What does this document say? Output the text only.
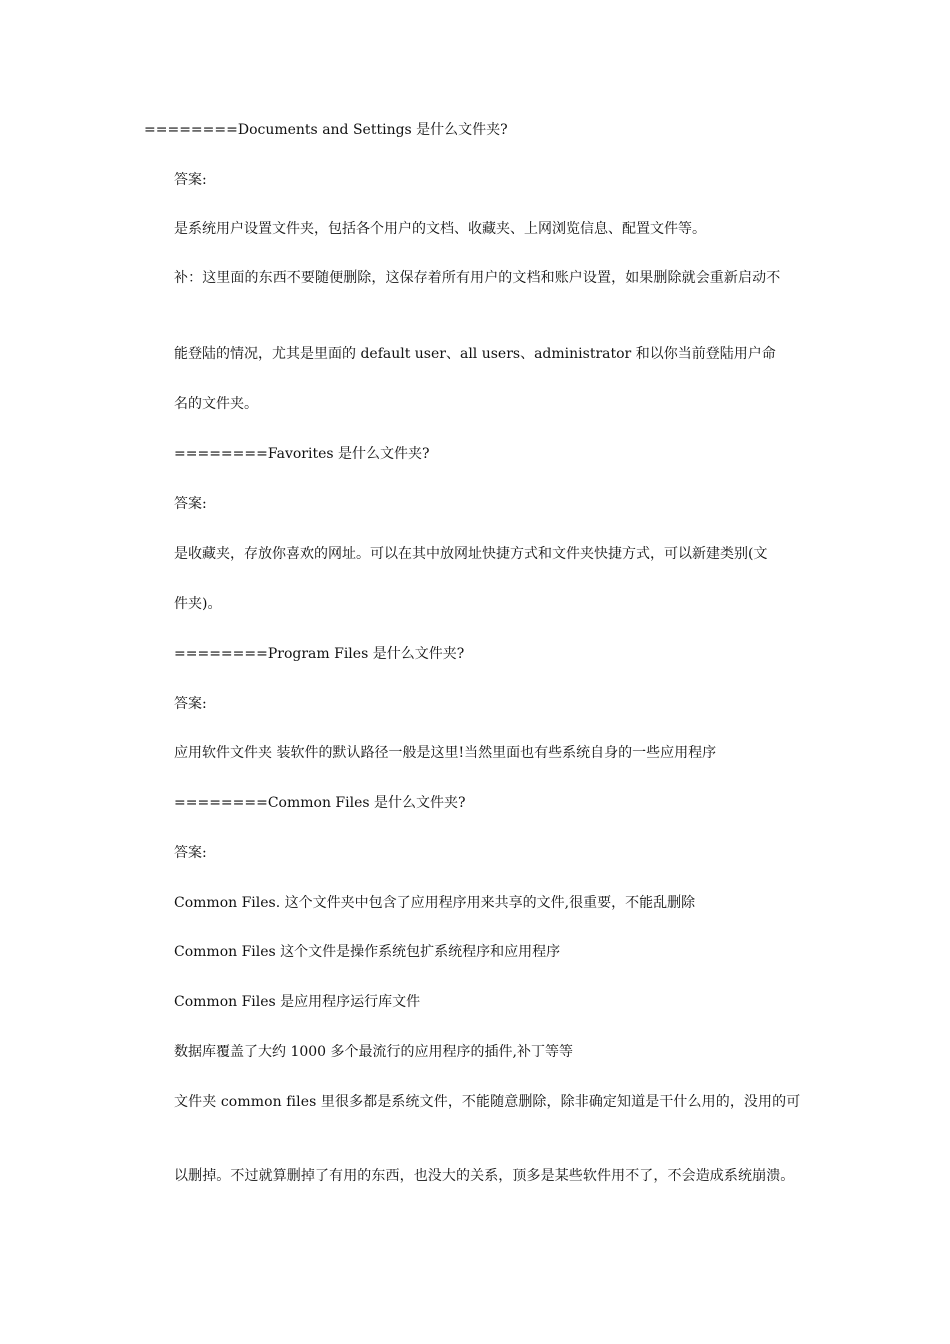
========Documents and Settings 是什么文件夹?
答案:
是系统用户设置文件夹，包括各个用户的文档、收藏夹、上网浏览信息、配置文件等。
补：这里面的东西不要随便删除，这保存着所有用户的文档和账户设置，如果删除就会重新启动不
能登陆的情况，尤其是里面的 default user、all users、administrator 和以你当前登陆用户命
名的文件夹。
========Favorites 是什么文件夹?
答案:
是收藏夹，存放你喜欢的网址。可以在其中放网址快捷方式和文件夹快捷方式，可以新建类别(文
件夹)。
========Program Files 是什么文件夹?
答案:
应用软件文件夹 装软件的默认路径一般是这里!当然里面也有些系统自身的一些应用程序
========Common Files 是什么文件夹?
答案:
Common Files. 这个文件夹中包含了应用程序用来共享的文件,很重要，不能乱删除
Common Files 这个文件是操作系统包扩系统程序和应用程序
Common Files 是应用程序运行库文件
数据库覆盖了大约 1000 多个最流行的应用程序的插件,补丁等等
文件夹 common files 里很多都是系统文件，不能随意删除，除非确定知道是干什么用的，没用的可
以删掉。不过就算删掉了有用的东西，也没大的关系，顶多是某些软件用不了，不会造成系统崩溃。
